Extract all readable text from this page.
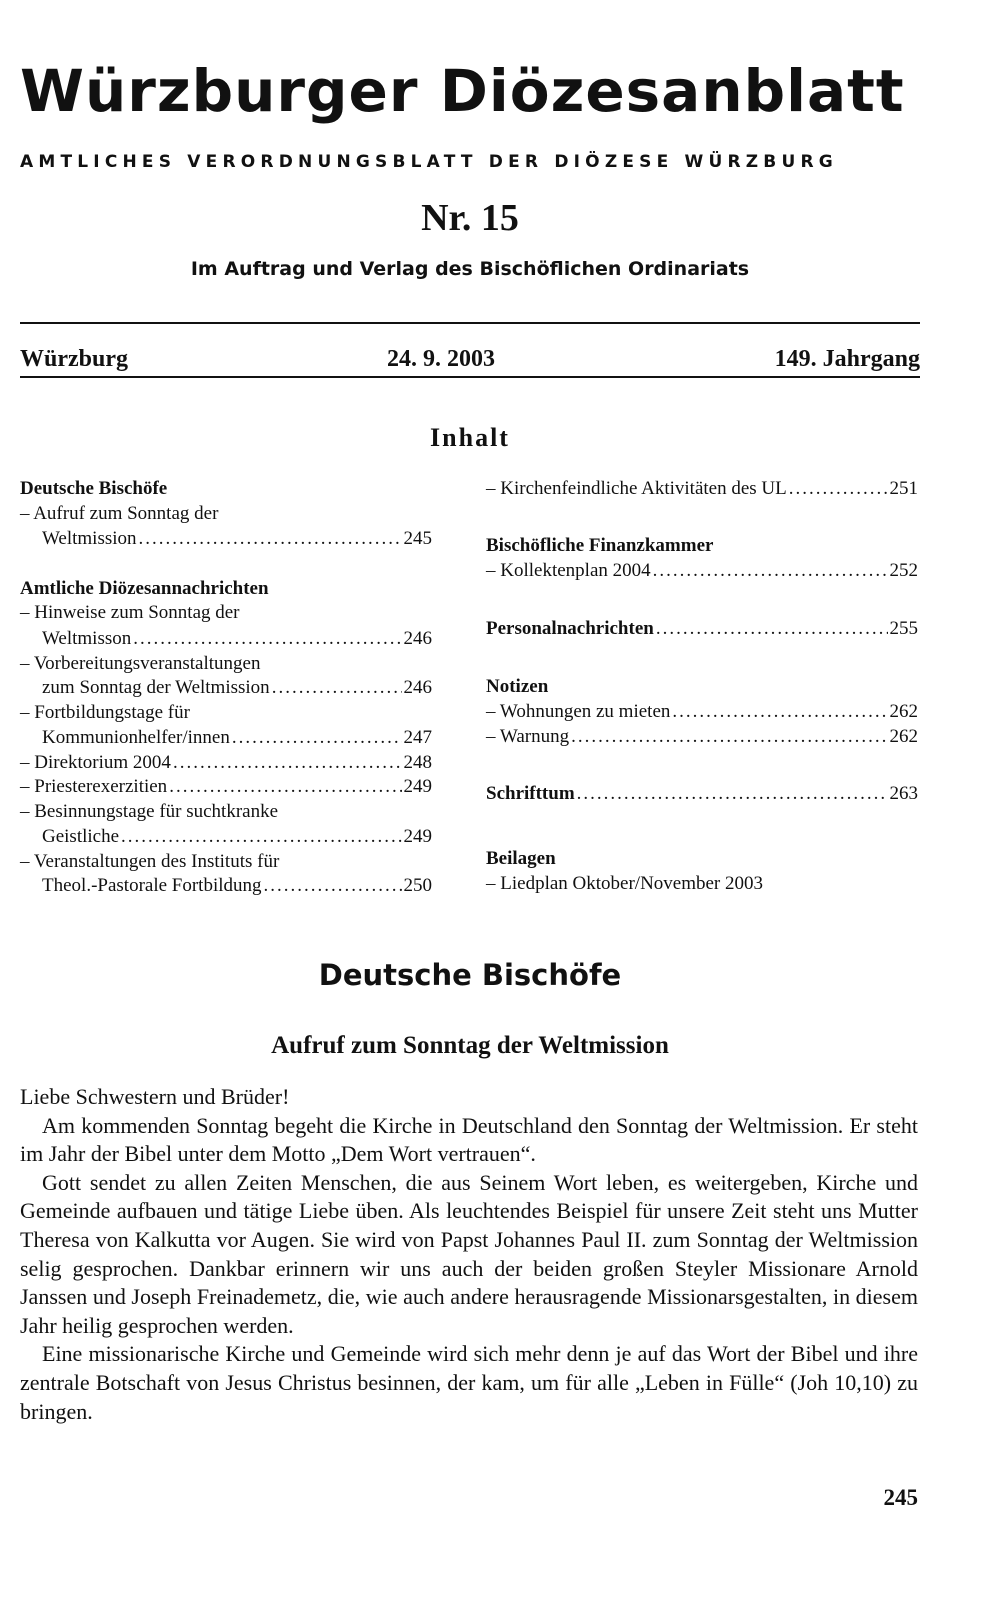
Würzburger Diözesanblatt
AMTLICHES VERORDNUNGSBLATT DER DIÖZESE WÜRZBURG
Nr. 15
Im Auftrag und Verlag des Bischöflichen Ordinariats
Würzburg	24. 9. 2003	149. Jahrgang
Inhalt
Deutsche Bischöfe
– Aufruf zum Sonntag der
Weltmission .....	245
Amtliche Diözesannachrichten
– Hinweise zum Sonntag der
Weltmisson .....	246
– Vorbereitungsveranstaltungen
zum Sonntag der Weltmission .....	246
– Fortbildungstage für
Kommunionhelfer/innen .....	247
– Direktorium 2004 .....	248
– Priesterexerzitien .....	249
– Besinnungstage für suchtkranke
Geistliche .....	249
– Veranstaltungen des Instituts für
Theol.-Pastorale Fortbildung .....	250
– Kirchenfeindliche Aktivitäten des UL .....	251
Bischöfliche Finanzkammer
– Kollektenplan 2004 .....	252
Personalnachrichten .....	255
Notizen
– Wohnungen zu mieten .....	262
– Warnung .....	262
Schrifttum .....	263
Beilagen
– Liedplan Oktober/November 2003
Deutsche Bischöfe
Aufruf zum Sonntag der Weltmission

Liebe Schwestern und Brüder!

Am kommenden Sonntag begeht die Kirche in Deutschland den Sonntag der Weltmission. Er steht im Jahr der Bibel unter dem Motto „Dem Wort vertrauen“.

Gott sendet zu allen Zeiten Menschen, die aus Seinem Wort leben, es weitergeben, Kirche und Gemeinde aufbauen und tätige Liebe üben. Als leuchtendes Beispiel für unsere Zeit steht uns Mutter Theresa von Kalkutta vor Augen. Sie wird von Papst Johannes Paul II. zum Sonntag der Weltmission selig gesprochen. Dankbar erinnern wir uns auch der beiden großen Steyler Missionare Arnold Janssen und Joseph Freinademetz, die, wie auch andere herausragende Missionarsgestalten, in diesem Jahr heilig gesprochen werden.

Eine missionarische Kirche und Gemeinde wird sich mehr denn je auf das Wort der Bibel und ihre zentrale Botschaft von Jesus Christus besinnen, der kam, um für alle „Leben in Fülle“ (Joh 10,10) zu bringen.

245
